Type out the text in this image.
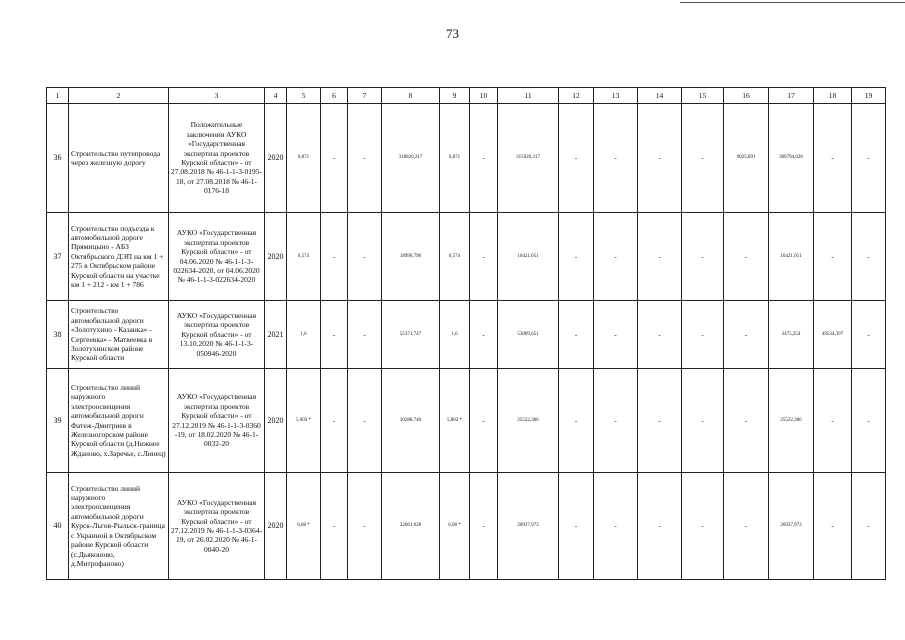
73
1	2	3	4	5	6	7	8	9	10	11	12	13	14	15	16	17	18	19
36	Строительство путепровода через железную дорогу	Положительные заключения АУКО «Государственная экспертиза проектов Курской области» - от 27.08.2018 № 46-1-1-3-0195-18, от 27.08.2018 № 46-1-0176-18	2020	0,871	-	-	318820,317	0,871	-	315920,317	-	-	-	-	9025,691	306794,626	-	-
37	Строительство подъезда к автомобильной дороге Прямицыно - АБЗ Октябрьского ДЭП на км 1 + 275 в Октябрьском районе Курской области на участке км 1 + 212 - км 1 + 786	АУКО «Государственная экспертиза проектов Курской области» - от 04.06.2020 № 46-1-1-3-022634-2020, от 04.06.2020 № 46-1-1-3-022634-2020	2020	0,574	-	-	18990,796	0,574	-	16421,051	-	-	-	-	-	16421,051	-	-
38	Строительство автомобильной дороги «Золотухино - Казанка» - Сергеевка» - Матвеевка в Золотухинском районе Курской области	АУКО «Государственная экспертиза проектов Курской области» - от 13.10.2020 № 46-1-1-3-050946-2020	2021	1,6	-	-	55371,747	1,6	-	53009,651	-	-	-	-	-	3475,254	49534,397	-
39	Строительство линий наружного электроосвещения автомобильной дороги Фатеж-Дмитриев в Железногорском районе Курской области (д.Нижнее Жданово, х.Заречье, с.Линец)	АУКО «Государственная экспертиза проектов Курской области» - от 27.12.2019 № 46-1-1-3-0360 -19, от 18.02.2020 № 46-1-0032-20	2020	5,003 *	-	-	30288,740	5,003 *	-	25522,386	-	-	-	-	-	25522,386	-	-
40	Строительство линий наружного электроосвещения автомобильной дороги Курск-Льгов-Рыльск-граница с Украиной в Октябрьском районе Курской области (с.Дьяконово, д.Митрофаново)	АУКО «Государственная экспертиза проектов Курской области» - от 27.12.2019 № 46-1-1-3-0364-19, от 26.02.2020 № 46-1-0040-20	2020	6,08 *	-	-	32061,928	6,08 *	-	26937,973	-	-	-	-	-	26937,973	-	-
